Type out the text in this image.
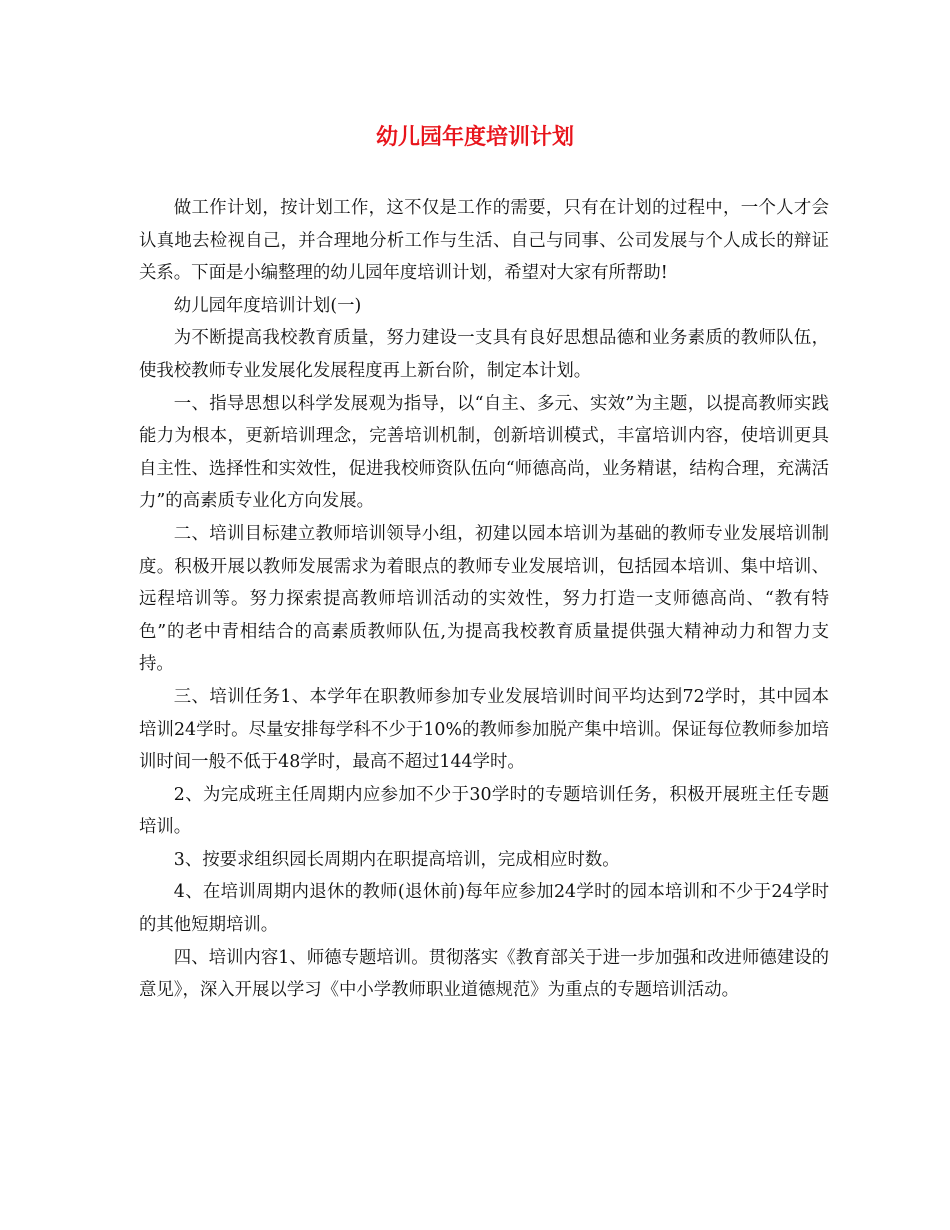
幼儿园年度培训计划

做工作计划，按计划工作，这不仅是工作的需要，只有在计划的过程中，一个人才会认真地去检视自己，并合理地分析工作与生活、自己与同事、公司发展与个人成长的辩证关系。下面是小编整理的幼儿园年度培训计划，希望对大家有所帮助!

幼儿园年度培训计划(一)

为不断提高我校教育质量，努力建设一支具有良好思想品德和业务素质的教师队伍，使我校教师专业发展化发展程度再上新台阶，制定本计划。

一、指导思想以科学发展观为指导，以“自主、多元、实效”为主题，以提高教师实践能力为根本，更新培训理念，完善培训机制，创新培训模式，丰富培训内容，使培训更具自主性、选择性和实效性，促进我校师资队伍向“师德高尚，业务精谌，结构合理，充满活力”的高素质专业化方向发展。

二、培训目标建立教师培训领导小组，初建以园本培训为基础的教师专业发展培训制度。积极开展以教师发展需求为着眼点的教师专业发展培训，包括园本培训、集中培训、远程培训等。努力探索提高教师培训活动的实效性，努力打造一支师德高尚、“教有特色”的老中青相结合的高素质教师队伍,为提高我校教育质量提供强大精神动力和智力支持。

三、培训任务1、本学年在职教师参加专业发展培训时间平均达到72学时，其中园本培训24学时。尽量安排每学科不少于10%的教师参加脱产集中培训。保证每位教师参加培训时间一般不低于48学时，最高不超过144学时。

2、为完成班主任周期内应参加不少于30学时的专题培训任务，积极开展班主任专题培训。

3、按要求组织园长周期内在职提高培训，完成相应时数。

4、在培训周期内退休的教师(退休前)每年应参加24学时的园本培训和不少于24学时的其他短期培训。

四、培训内容1、师德专题培训。贯彻落实《教育部关于进一步加强和改进师德建设的意见》，深入开展以学习《中小学教师职业道德规范》为重点的专题培训活动。
